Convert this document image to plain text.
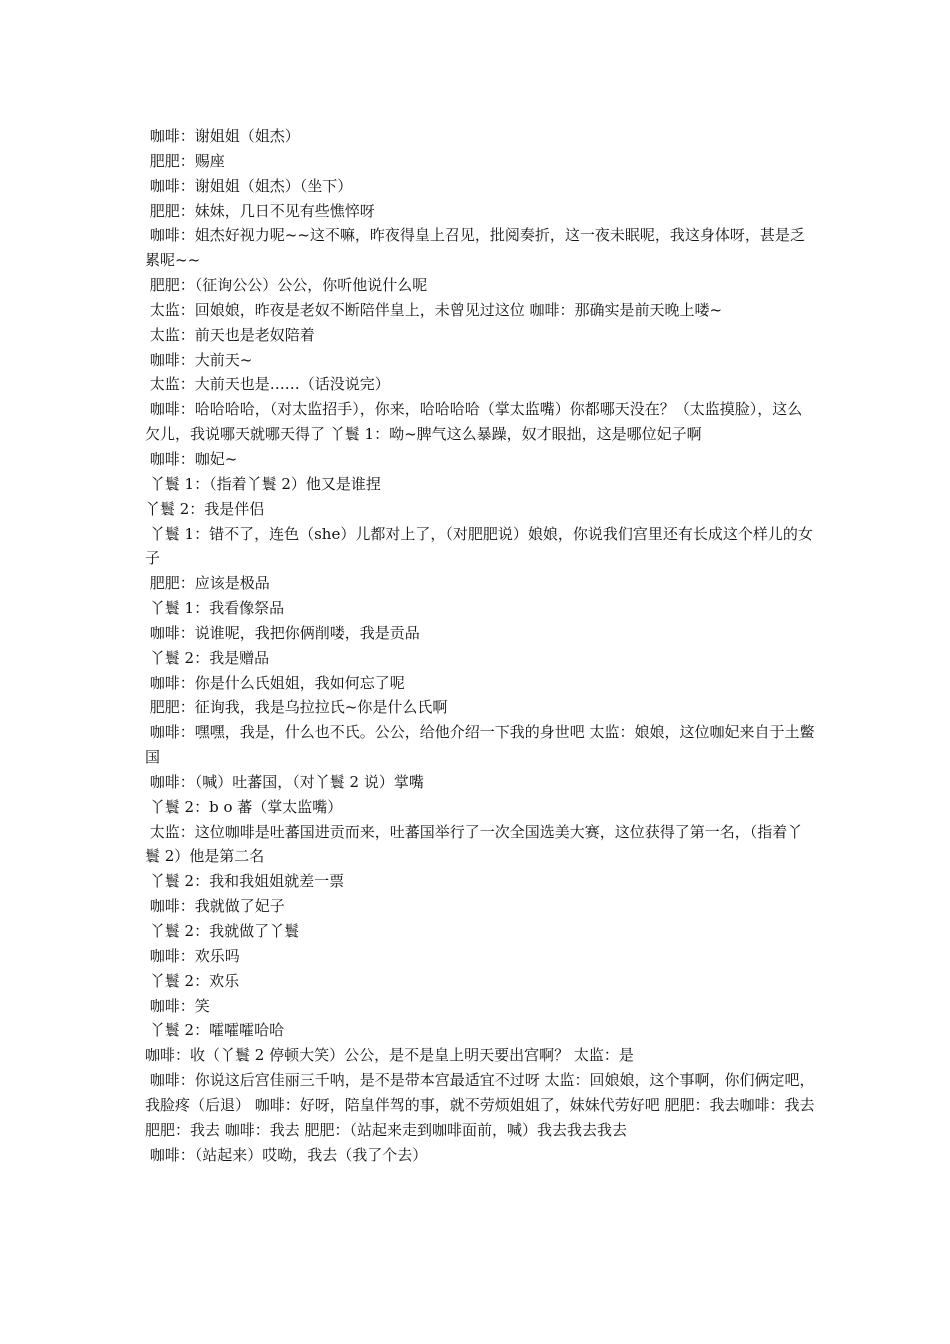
咖啡：谢姐姐（姐杰）

肥肥：赐座

咖啡：谢姐姐（姐杰）（坐下）

肥肥：妹妹，几日不见有些憔悴呀

咖啡：姐杰好视力呢~~这不嘛，昨夜得皇上召见，批阅奏折，这一夜未眠呢，我这身体呀，甚是乏累呢~~

肥肥：（征询公公）公公，你听他说什么呢

太监：回娘娘，昨夜是老奴不断陪伴皇上，未曾见过这位 咖啡：那确实是前天晚上喽~

太监：前天也是老奴陪着

咖啡：大前天~

太监：大前天也是……（话没说完）

咖啡：哈哈哈哈，（对太监招手），你来，哈哈哈哈（掌太监嘴）你都哪天没在？（太监摸脸），这么欠儿，我说哪天就哪天得了 丫鬟 1：呦~脾气这么暴躁，奴才眼拙，这是哪位妃子啊

咖啡：咖妃~

丫鬟 1：（指着丫鬟 2）他又是谁捏

丫鬟 2：我是伴侣

丫鬟 1：错不了，连色（she）儿都对上了，（对肥肥说）娘娘，你说我们宫里还有长成这个样儿的女子

肥肥：应该是极品

丫鬟 1：我看像祭品

咖啡：说谁呢，我把你俩削喽，我是贡品

丫鬟 2：我是赠品

咖啡：你是什么氏姐姐，我如何忘了呢

肥肥：征询我，我是乌拉拉氏~你是什么氏啊

咖啡：嘿嘿，我是，什么也不氏。公公，给他介绍一下我的身世吧 太监：娘娘，这位咖妃来自于土鳖国

咖啡：（喊）吐蕃国，（对丫鬟 2 说）掌嘴

丫鬟 2：b o 蕃（掌太监嘴）

太监：这位咖啡是吐蕃国进贡而来，吐蕃国举行了一次全国选美大赛，这位获得了第一名，（指着丫鬟 2）他是第二名

丫鬟 2：我和我姐姐就差一票

咖啡：我就做了妃子

丫鬟 2：我就做了丫鬟

咖啡：欢乐吗

丫鬟 2：欢乐

咖啡：笑

丫鬟 2：嚯嚯嚯哈哈

咖啡：收（丫鬟 2 停顿大笑）公公，是不是皇上明天要出宫啊？ 太监：是

咖啡：你说这后宫佳丽三千呐，是不是带本宫最适宜不过呀 太监：回娘娘，这个事啊，你们俩定吧，我脸疼（后退） 咖啡：好呀，陪皇伴驾的事，就不劳烦姐姐了，妹妹代劳好吧 肥肥：我去咖啡：我去肥肥：我去 咖啡：我去 肥肥：（站起来走到咖啡面前，喊）我去我去我去

咖啡：（站起来）哎呦，我去（我了个去）
